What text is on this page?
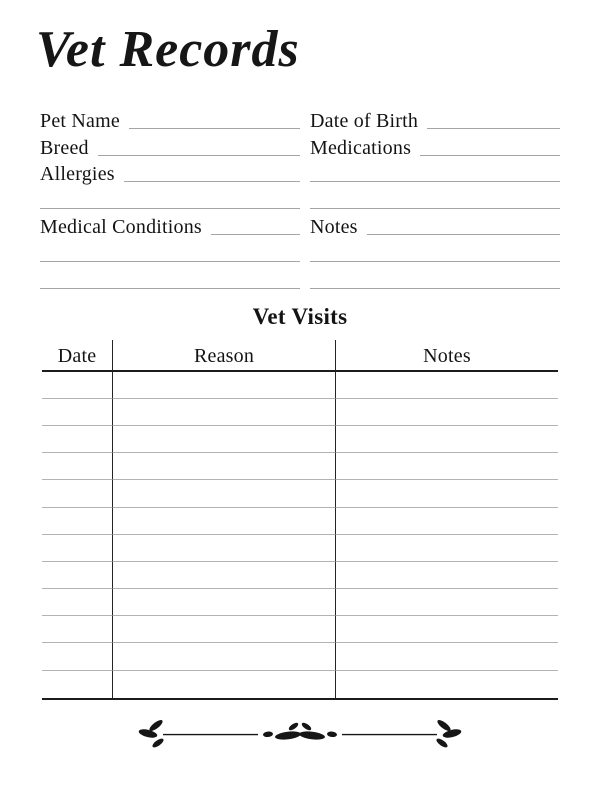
Vet Records
Pet Name
Breed
Allergies
Medical Conditions
Date of Birth
Medications
Notes
Vet Visits
Date	Reason	Notes
